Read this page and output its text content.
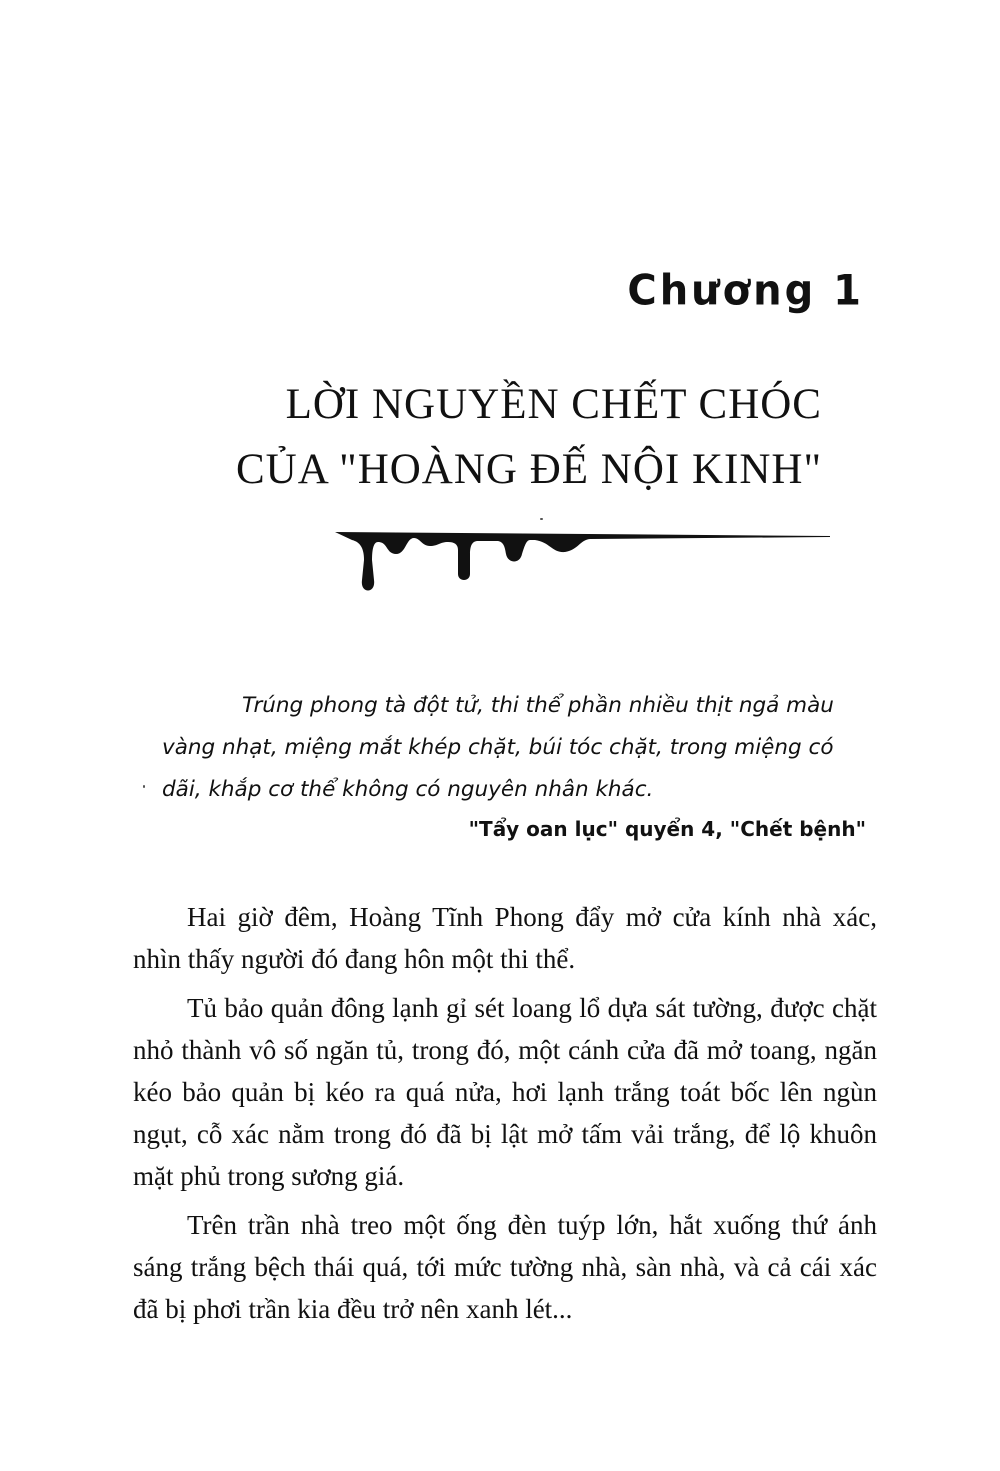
Chương 1
LỜI NGUYỀN CHẾT CHÓC
CỦA "HOÀNG ĐẾ NỘI KINH"

Trúng phong tà đột tử, thi thể phần nhiều thịt ngả màu vàng nhạt, miệng mắt khép chặt, búi tóc chặt, trong miệng có dãi, khắp cơ thể không có nguyên nhân khác.

"Tẩy oan lục" quyển 4, "Chết bệnh"

Hai giờ đêm, Hoàng Tĩnh Phong đẩy mở cửa kính nhà xác, nhìn thấy người đó đang hôn một thi thể.

Tủ bảo quản đông lạnh gỉ sét loang lổ dựa sát tường, được chặt nhỏ thành vô số ngăn tủ, trong đó, một cánh cửa đã mở toang, ngăn kéo bảo quản bị kéo ra quá nửa, hơi lạnh trắng toát bốc lên ngùn ngụt, cỗ xác nằm trong đó đã bị lật mở tấm vải trắng, để lộ khuôn mặt phủ trong sương giá.

Trên trần nhà treo một ống đèn tuýp lớn, hắt xuống thứ ánh sáng trắng bệch thái quá, tới mức tường nhà, sàn nhà, và cả cái xác đã bị phơi trần kia đều trở nên xanh lét...
